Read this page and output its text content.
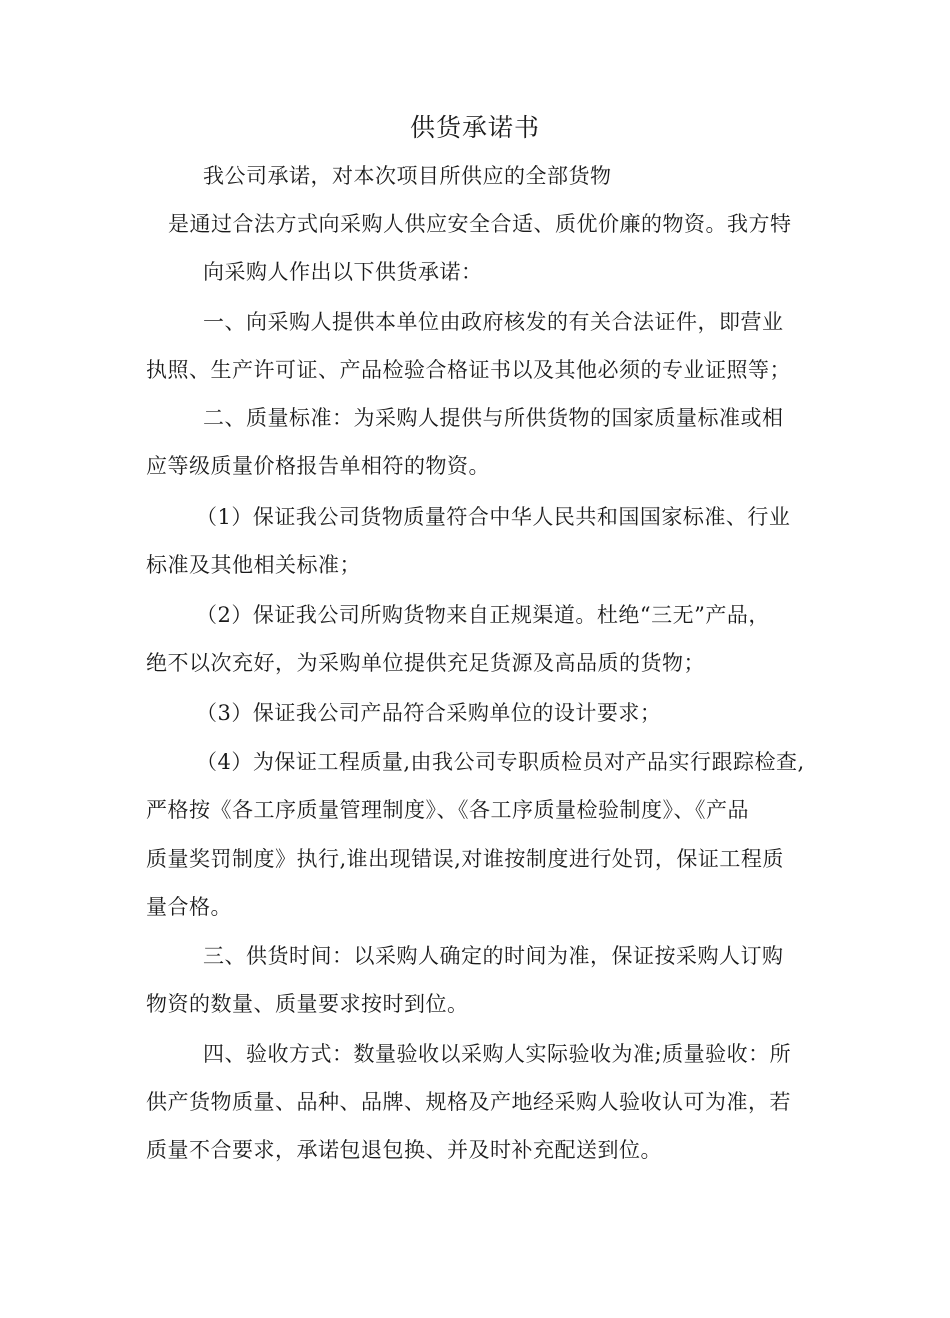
供货承诺书
我公司承诺，对本次项目所供应的全部货物
是通过合法方式向采购人供应安全合适、质优价廉的物资。我方特
向采购人作出以下供货承诺：
一、向采购人提供本单位由政府核发的有关合法证件，即营业
执照、生产许可证、产品检验合格证书以及其他必须的专业证照等；
二、质量标准：为采购人提供与所供货物的国家质量标准或相
应等级质量价格报告单相符的物资。
（1）保证我公司货物质量符合中华人民共和国国家标准、行业
标准及其他相关标准；
（2）保证我公司所购货物来自正规渠道。杜绝“三无”产品，
绝不以次充好，为采购单位提供充足货源及高品质的货物；
（3）保证我公司产品符合采购单位的设计要求；
（4）为保证工程质量,由我公司专职质检员对产品实行跟踪检查,
严格按《各工序质量管理制度》、《各工序质量检验制度》、《产品
质量奖罚制度》执行,谁出现错误,对谁按制度进行处罚，保证工程质
量合格。
三、供货时间：以采购人确定的时间为准，保证按采购人订购
物资的数量、质量要求按时到位。
四、验收方式：数量验收以采购人实际验收为准;质量验收：所
供产货物质量、品种、品牌、规格及产地经采购人验收认可为准，若
质量不合要求，承诺包退包换、并及时补充配送到位。
